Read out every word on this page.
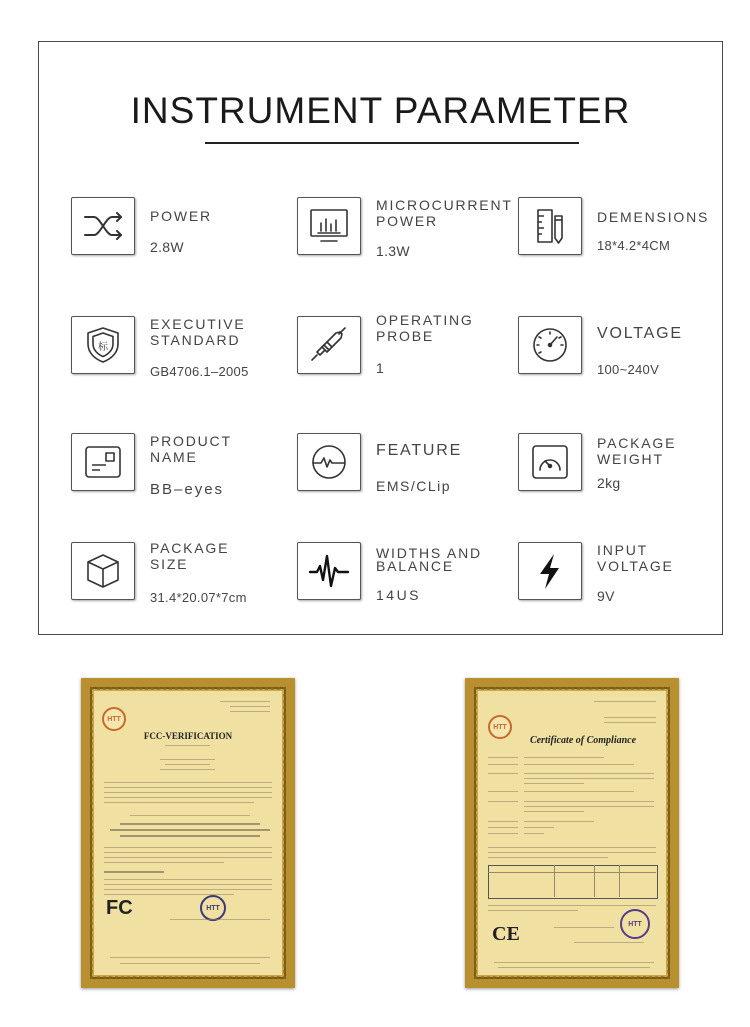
INSTRUMENT PARAMETER
POWER
2.8W
MICROCURRENT
POWER
1.3W
DEMENSIONS
18*4.2*4CM
标
EXECUTIVE
STANDARD
GB4706.1–2005
OPERATING
PROBE
1
VOLTAGE
100~240V
PRODUCT
NAME
BB–eyes
FEATURE
EMS/CLip
PACKAGE
WEIGHT
2kg
PACKAGE
SIZE
31.4*20.07*7cm
WIDTHS AND
BALANCE
14US
INPUT
VOLTAGE
9V
HTT
FCC-VERIFICATION
FC	HTT
HTT
Certificate of Compliance
CE	HTT
